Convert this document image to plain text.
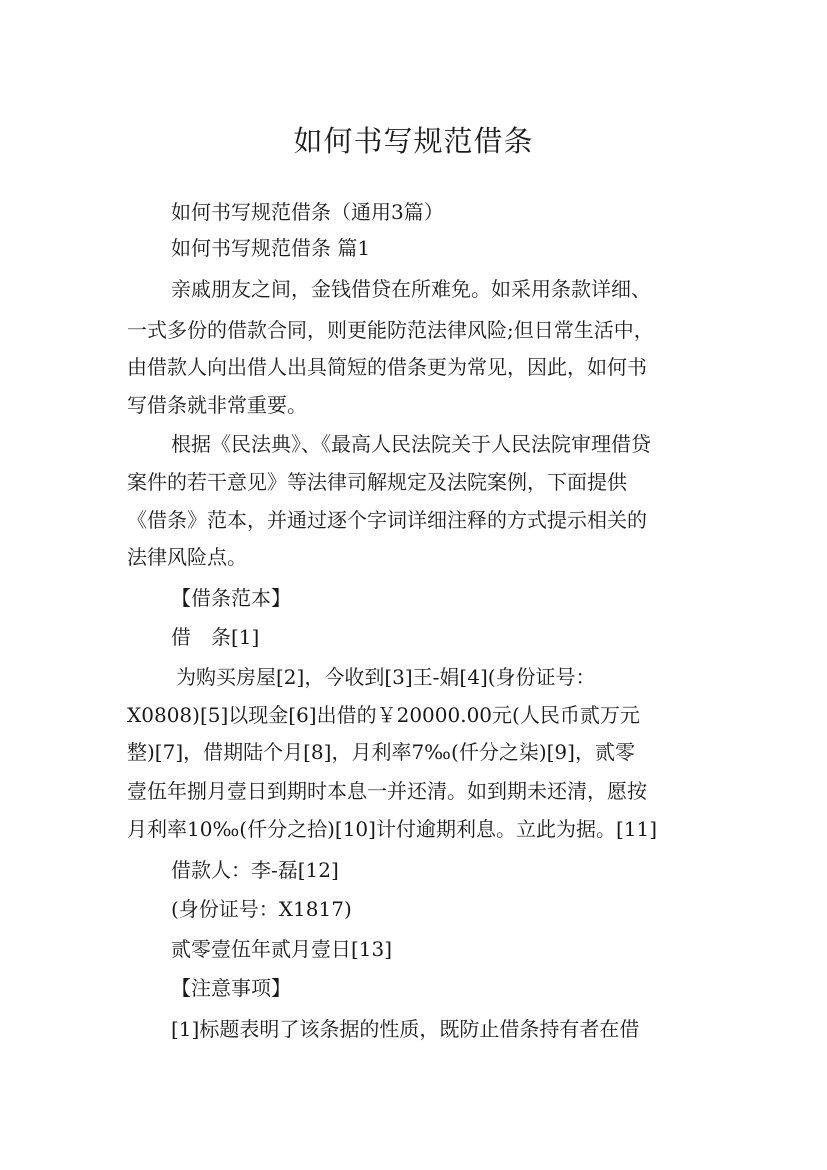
如何书写规范借条
如何书写规范借条（通用3篇）
如何书写规范借条 篇1
亲戚朋友之间，金钱借贷在所难免。如采用条款详细、
一式多份的借款合同，则更能防范法律风险;但日常生活中，
由借款人向出借人出具简短的借条更为常见，因此，如何书
写借条就非常重要。
根据《民法典》、《最高人民法院关于人民法院审理借贷
案件的若干意见》等法律司解规定及法院案例，下面提供
《借条》范本，并通过逐个字词详细注释的方式提示相关的
法律风险点。
【借条范本】
借　条[1]
为购买房屋[2]，今收到[3]王-娟[4](身份证号：
X0808)[5]以现金[6]出借的￥20000.00元(人民币贰万元
整)[7]，借期陆个月[8]，月利率7‰(仟分之柒)[9]，贰零
壹伍年捌月壹日到期时本息一并还清。如到期未还清，愿按
月利率10‰(仟分之拾)[10]计付逾期利息。立此为据。[11]
借款人：李-磊[12]
(身份证号：X1817)
贰零壹伍年贰月壹日[13]
【注意事项】
[1]标题表明了该条据的性质，既防止借条持有者在借
